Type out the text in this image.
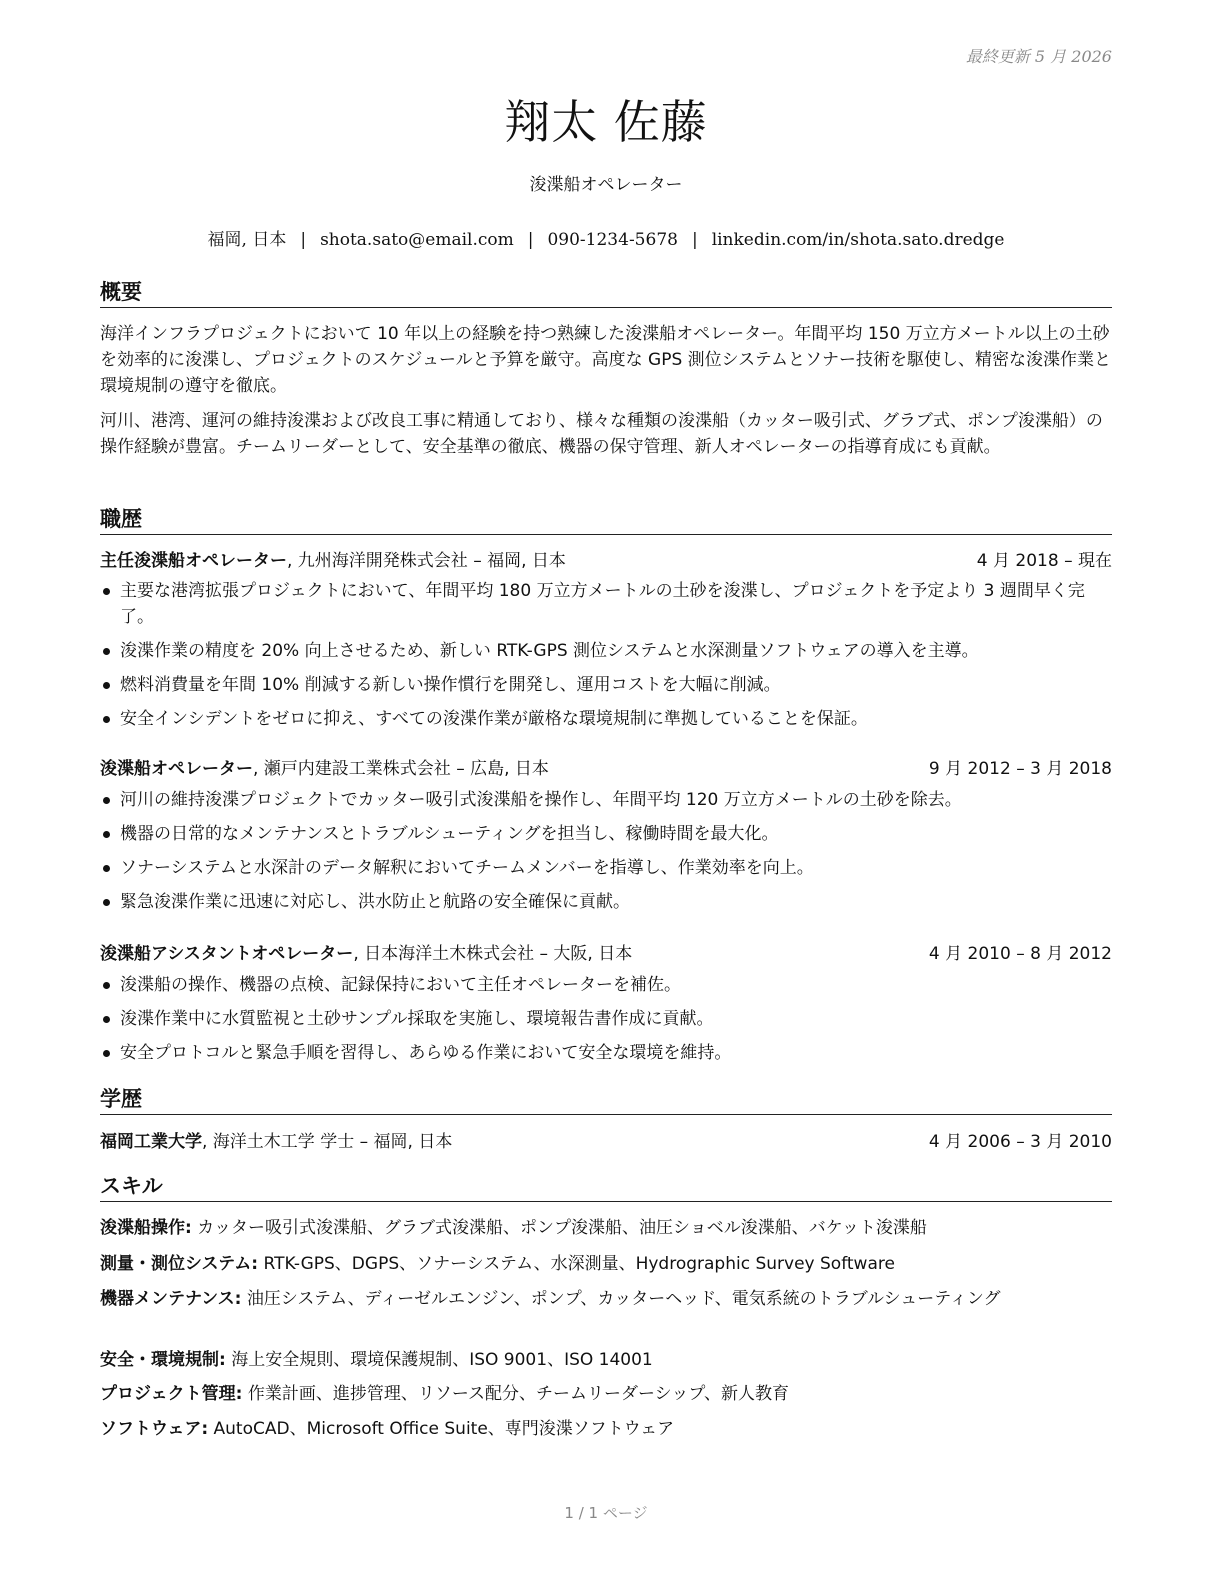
最終更新 5 月 2026
翔太 佐藤
浚渫船オペレーター
福岡, 日本 | shota.sato@email.com | 090-1234-5678 | linkedin.com/in/shota.sato.dredge
概要

海洋インフラプロジェクトにおいて 10 年以上の経験を持つ熟練した浚渫船オペレーター。年間平均 150 万立方メートル以上の土砂を効率的に浚渫し、プロジェクトのスケジュールと予算を厳守。高度な GPS 測位システムとソナー技術を駆使し、精密な浚渫作業と環境規制の遵守を徹底。

河川、港湾、運河の維持浚渫および改良工事に精通しており、様々な種類の浚渫船（カッター吸引式、グラブ式、ポンプ浚渫船）の操作経験が豊富。チームリーダーとして、安全基準の徹底、機器の保守管理、新人オペレーターの指導育成にも貢献。

職歴
主任浚渫船オペレーター, 九州海洋開発株式会社 – 福岡, 日本	4 月 2018 – 現在
主要な港湾拡張プロジェクトにおいて、年間平均 180 万立方メートルの土砂を浚渫し、プロジェクトを予定より 3 週間早く完了。
浚渫作業の精度を 20% 向上させるため、新しい RTK-GPS 測位システムと水深測量ソフトウェアの導入を主導。
燃料消費量を年間 10% 削減する新しい操作慣行を開発し、運用コストを大幅に削減。
安全インシデントをゼロに抑え、すべての浚渫作業が厳格な環境規制に準拠していることを保証。
浚渫船オペレーター, 瀬戸内建設工業株式会社 – 広島, 日本	9 月 2012 – 3 月 2018
河川の維持浚渫プロジェクトでカッター吸引式浚渫船を操作し、年間平均 120 万立方メートルの土砂を除去。
機器の日常的なメンテナンスとトラブルシューティングを担当し、稼働時間を最大化。
ソナーシステムと水深計のデータ解釈においてチームメンバーを指導し、作業効率を向上。
緊急浚渫作業に迅速に対応し、洪水防止と航路の安全確保に貢献。
浚渫船アシスタントオペレーター, 日本海洋土木株式会社 – 大阪, 日本	4 月 2010 – 8 月 2012
浚渫船の操作、機器の点検、記録保持において主任オペレーターを補佐。
浚渫作業中に水質監視と土砂サンプル採取を実施し、環境報告書作成に貢献。
安全プロトコルと緊急手順を習得し、あらゆる作業において安全な環境を維持。
学歴
福岡工業大学, 海洋土木工学 学士 – 福岡, 日本	4 月 2006 – 3 月 2010
スキル
浚渫船操作: カッター吸引式浚渫船、グラブ式浚渫船、ポンプ浚渫船、油圧ショベル浚渫船、バケット浚渫船
測量・測位システム: RTK-GPS、DGPS、ソナーシステム、水深測量、Hydrographic Survey Software
機器メンテナンス: 油圧システム、ディーゼルエンジン、ポンプ、カッターヘッド、電気系統のトラブルシューティング
安全・環境規制: 海上安全規則、環境保護規制、ISO 9001、ISO 14001
プロジェクト管理: 作業計画、進捗管理、リソース配分、チームリーダーシップ、新人教育
ソフトウェア: AutoCAD、Microsoft Office Suite、専門浚渫ソフトウェア
1 / 1 ページ
